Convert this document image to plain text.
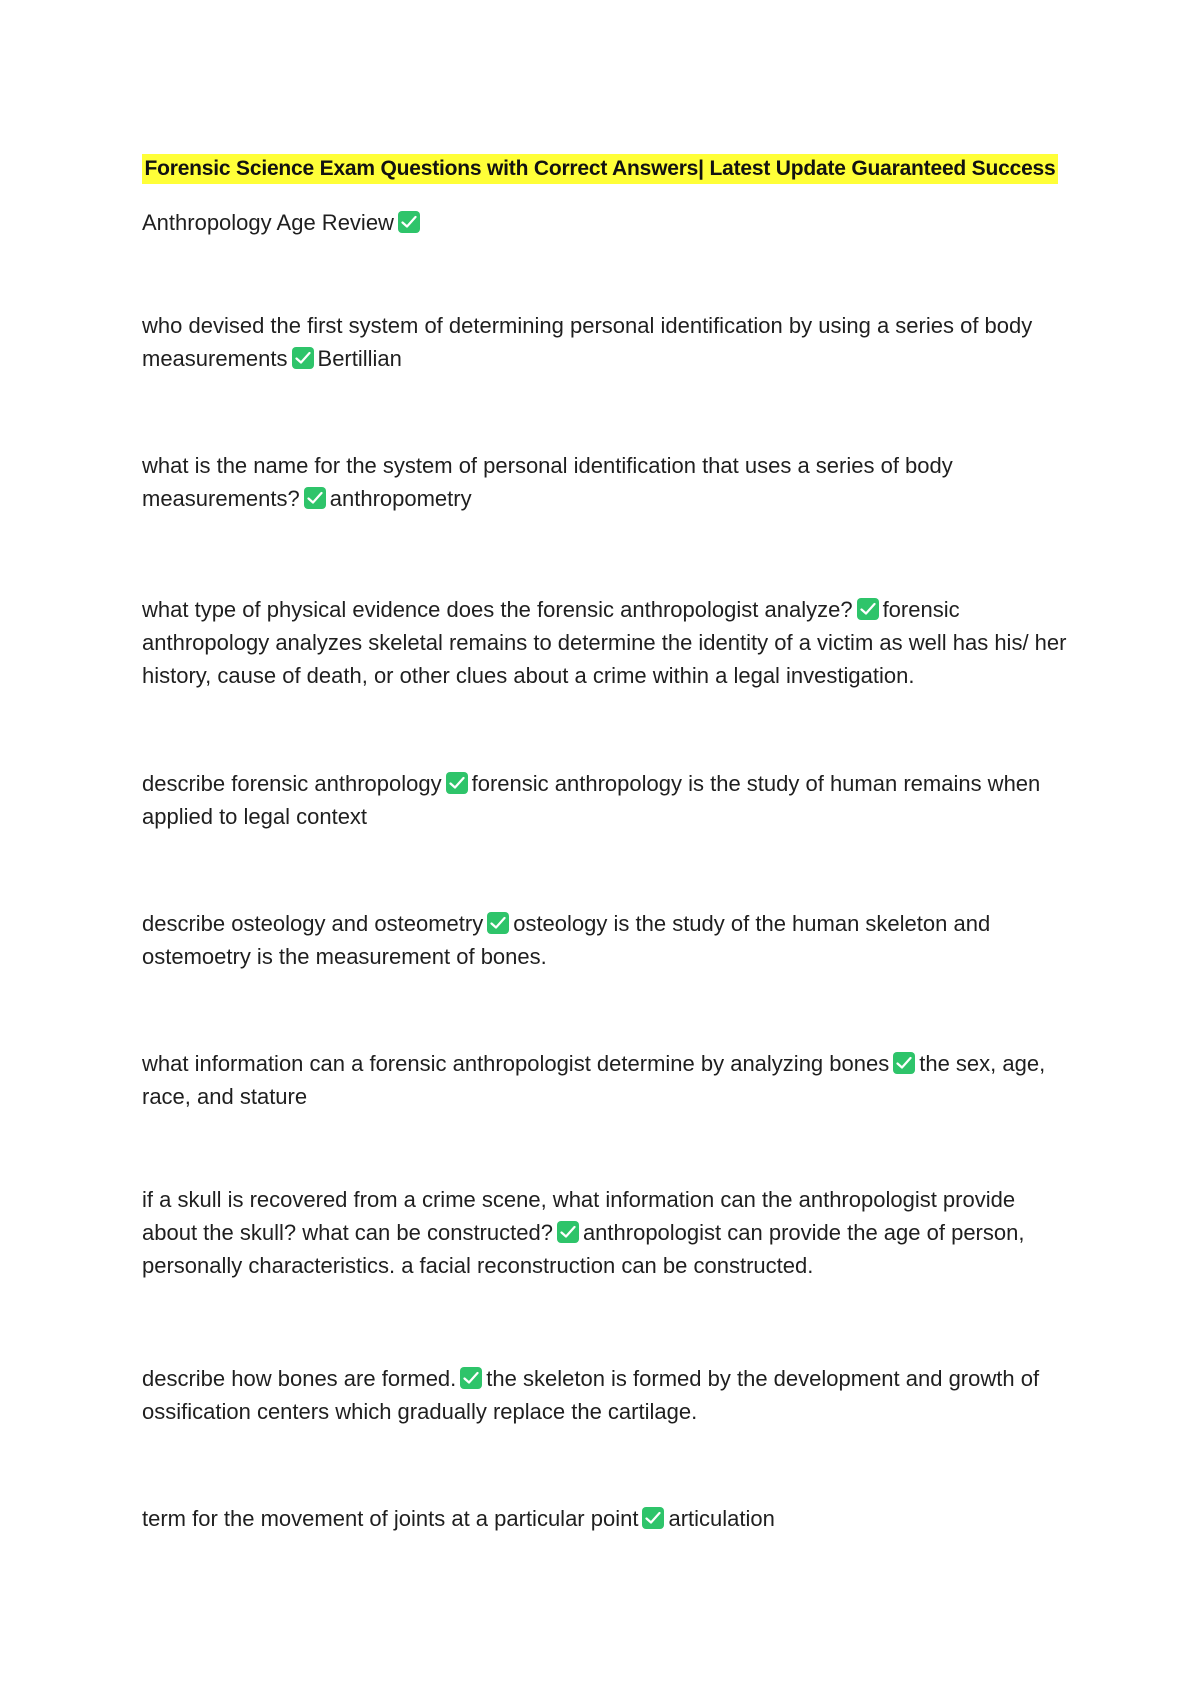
Forensic Science Exam Questions with Correct Answers| Latest Update Guaranteed Success
Anthropology Age Review
who devised the first system of determining personal identification by using a series of body measurements Bertillian
what is the name for the system of personal identification that uses a series of body measurements? anthropometry
what type of physical evidence does the forensic anthropologist analyze? forensic anthropology analyzes skeletal remains to determine the identity of a victim as well has his/ her history, cause of death, or other clues about a crime within a legal investigation.
describe forensic anthropology forensic anthropology is the study of human remains when applied to legal context
describe osteology and osteometry osteology is the study of the human skeleton and ostemoetry is the measurement of bones.
what information can a forensic anthropologist determine by analyzing bones the sex, age, race, and stature
if a skull is recovered from a crime scene, what information can the anthropologist provide about the skull? what can be constructed? anthropologist can provide the age of person, personally characteristics. a facial reconstruction can be constructed.
describe how bones are formed. the skeleton is formed by the development and growth of ossification centers which gradually replace the cartilage.
term for the movement of joints at a particular point articulation
